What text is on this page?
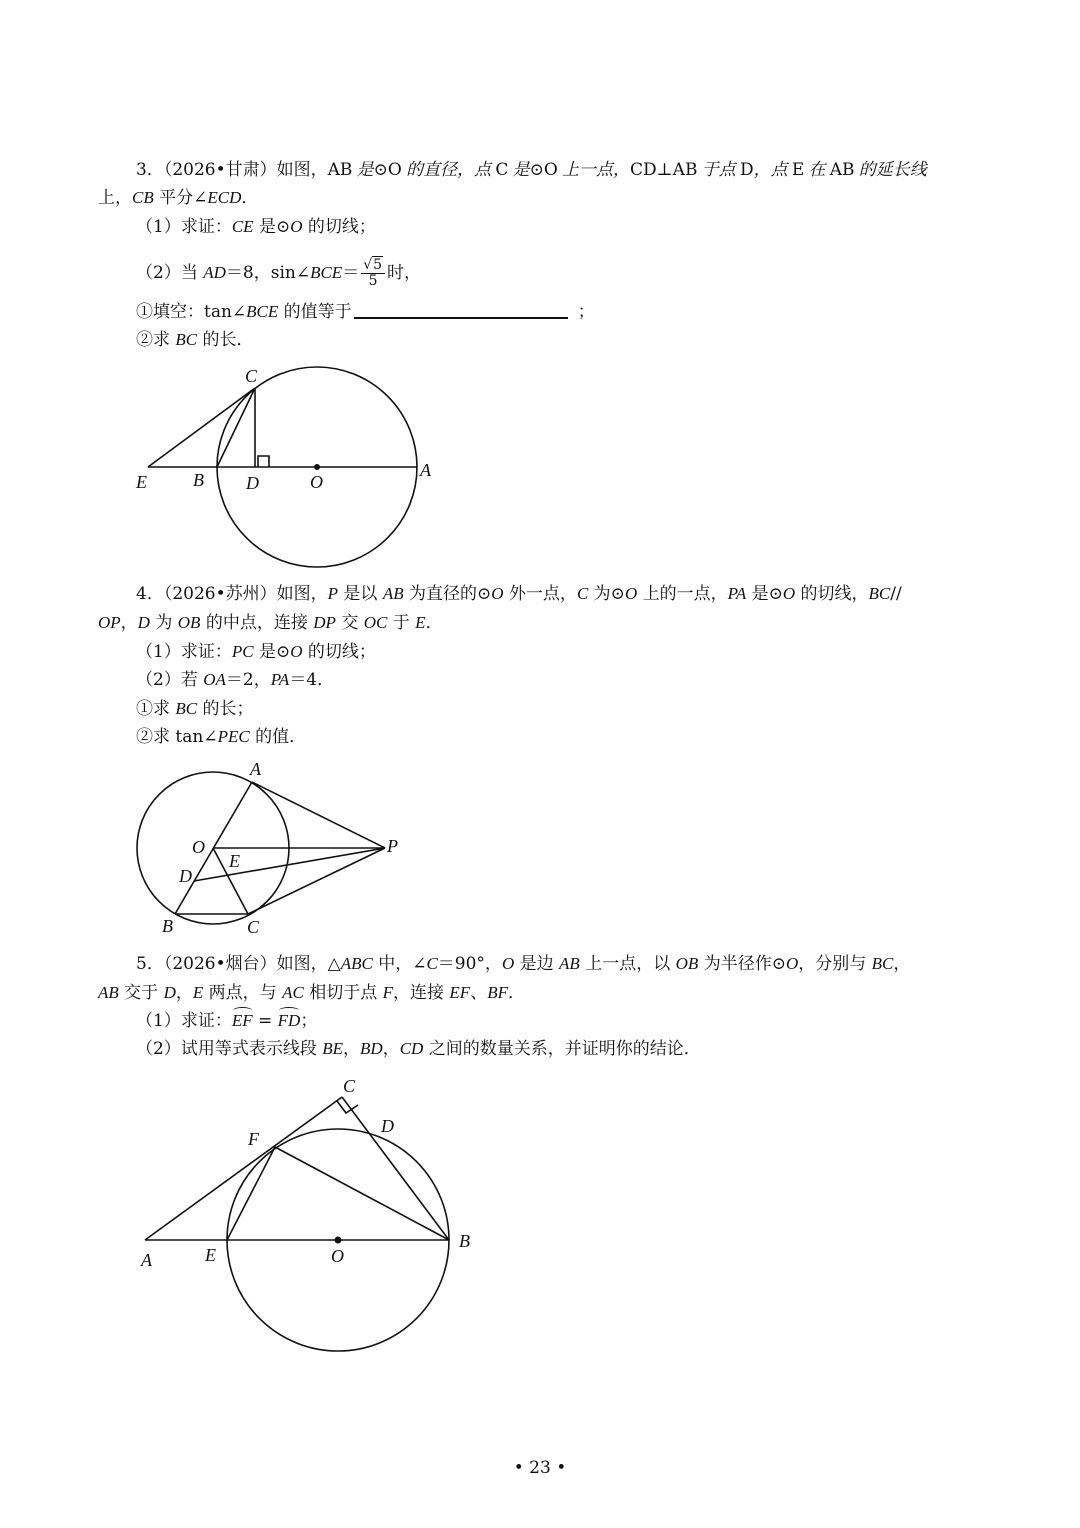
3．（2026•甘肃）如图，AB 是⊙O 的直径，点 C 是⊙O 上一点，CD⊥AB 于点 D，点 E 在 AB 的延长线
上，CB 平分∠ECD．
（1）求证：CE 是⊙O 的切线；
（2）当 AD＝8，sin∠BCE＝ $\frac{√5}{5}$ 时，
①填空：tan∠BCE 的值等于	；
②求 BC 的长．
C
E	B D	O
A
4．（2026•苏州）如图，P 是以 AB 为直径的⊙O 外一点，C 为⊙O 上的一点，PA 是⊙O 的切线，BC//
OP，D 为 OB 的中点，连接 DP 交 OC 于 E．
（1）求证：PC 是⊙O 的切线；
（2）若 OA＝2，PA＝4．
①求 BC 的长；
②求 tan∠PEC 的值．
A
O
E
D
P
B	C
5．（2026•烟台）如图，△ABC 中，∠C＝90°，O 是边 AB 上一点，以 OB 为半径作⊙O，分别与 BC，
AB 交于 D，E 两点，与 AC 相切于点 F，连接 EF、BF．
（1）求证：EF = FD；
（2）试用等式表示线段 BE，BD，CD 之间的数量关系，并证明你的结论．
C
F
D
A	E	O
B
• 23 •
